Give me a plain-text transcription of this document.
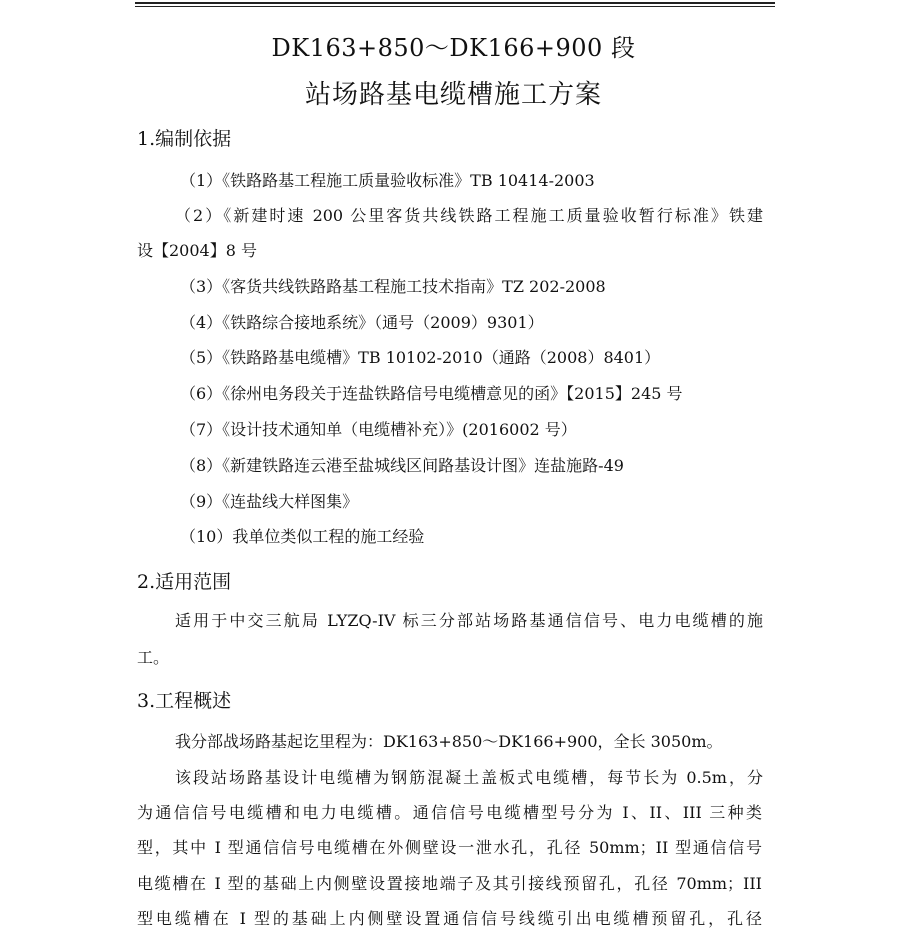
DK163+850～DK166+900 段
站场路基电缆槽施工方案
1.编制依据
（1）《铁路路基工程施工质量验收标准》TB 10414-2003
（2）《新建时速 200 公里客货共线铁路工程施工质量验收暂行标准》铁建
设【2004】8 号
（3）《客货共线铁路路基工程施工技术指南》TZ 202-2008
（4）《铁路综合接地系统》（通号（2009）9301）
（5）《铁路路基电缆槽》TB 10102-2010（通路（2008）8401）
（6）《徐州电务段关于连盐铁路信号电缆槽意见的函》【2015】245 号
（7）《设计技术通知单（电缆槽补充）》(2016002 号）
（8）《新建铁路连云港至盐城线区间路基设计图》连盐施路-49
（9）《连盐线大样图集》
（10）我单位类似工程的施工经验
2.适用范围
适用于中交三航局 LYZQ-IV 标三分部站场路基通信信号、电力电缆槽的施
工。
3.工程概述
我分部战场路基起讫里程为：DK163+850～DK166+900，全长 3050m。
该段站场路基设计电缆槽为钢筋混凝土盖板式电缆槽，每节长为 0.5m，分
为通信信号电缆槽和电力电缆槽。通信信号电缆槽型号分为 I、II、III 三种类
型，其中 I 型通信信号电缆槽在外侧壁设一泄水孔，孔径 50mm；II 型通信信号
电缆槽在 I 型的基础上内侧壁设置接地端子及其引接线预留孔，孔径 70mm；III
型电缆槽在 I 型的基础上内侧壁设置通信信号线缆引出电缆槽预留孔，孔径
